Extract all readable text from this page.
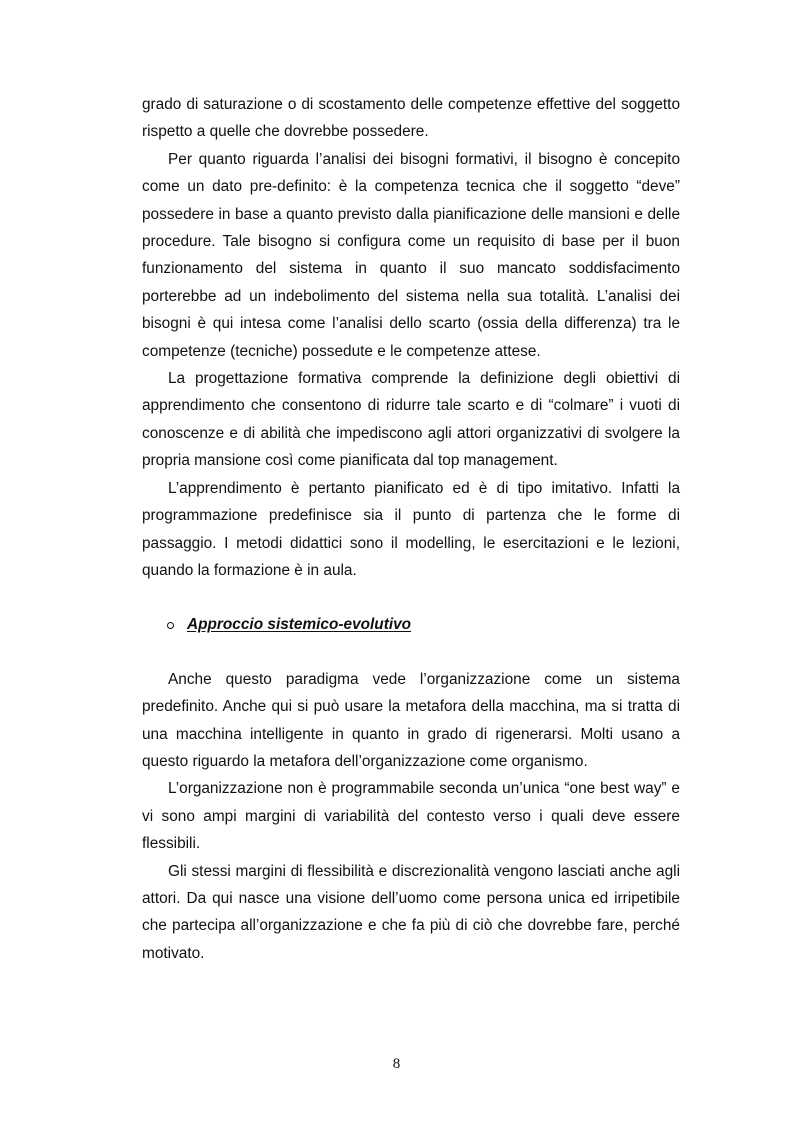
grado di saturazione o di scostamento delle competenze effettive del soggetto rispetto a quelle che dovrebbe possedere.

Per quanto riguarda l’analisi dei bisogni formativi, il bisogno è concepito come un dato pre-definito: è la competenza tecnica che il soggetto “deve” possedere in base a quanto previsto dalla pianificazione delle mansioni e delle procedure. Tale bisogno si configura come un requisito di base per il buon funzionamento del sistema in quanto il suo mancato soddisfacimento porterebbe ad un indebolimento del sistema nella sua totalità. L’analisi dei bisogni è qui intesa come l’analisi dello scarto (ossia della differenza) tra le competenze (tecniche) possedute e le competenze attese.

La progettazione formativa comprende la definizione degli obiettivi di apprendimento che consentono di ridurre tale scarto e di “colmare” i vuoti di conoscenze e di abilità che impediscono agli attori organizzativi di svolgere la propria mansione così come pianificata dal top management.

L’apprendimento è pertanto pianificato ed è di tipo imitativo. Infatti la programmazione predefinisce sia il punto di partenza che le forme di passaggio. I metodi didattici sono il modelling, le esercitazioni e le lezioni, quando la formazione è in aula.

Approccio sistemico-evolutivo

Anche questo paradigma vede l’organizzazione come un sistema predefinito. Anche qui si può usare la metafora della macchina, ma si tratta di una macchina intelligente in quanto in grado di rigenerarsi. Molti usano a questo riguardo la metafora dell’organizzazione come organismo.

L’organizzazione non è programmabile seconda un’unica “one best way” e vi sono ampi margini di variabilità del contesto verso i quali deve essere flessibili.

Gli stessi margini di flessibilità e discrezionalità vengono lasciati anche agli attori. Da qui nasce una visione dell’uomo come persona unica ed irripetibile che partecipa all’organizzazione e che fa più di ciò che dovrebbe fare, perché motivato.

8
